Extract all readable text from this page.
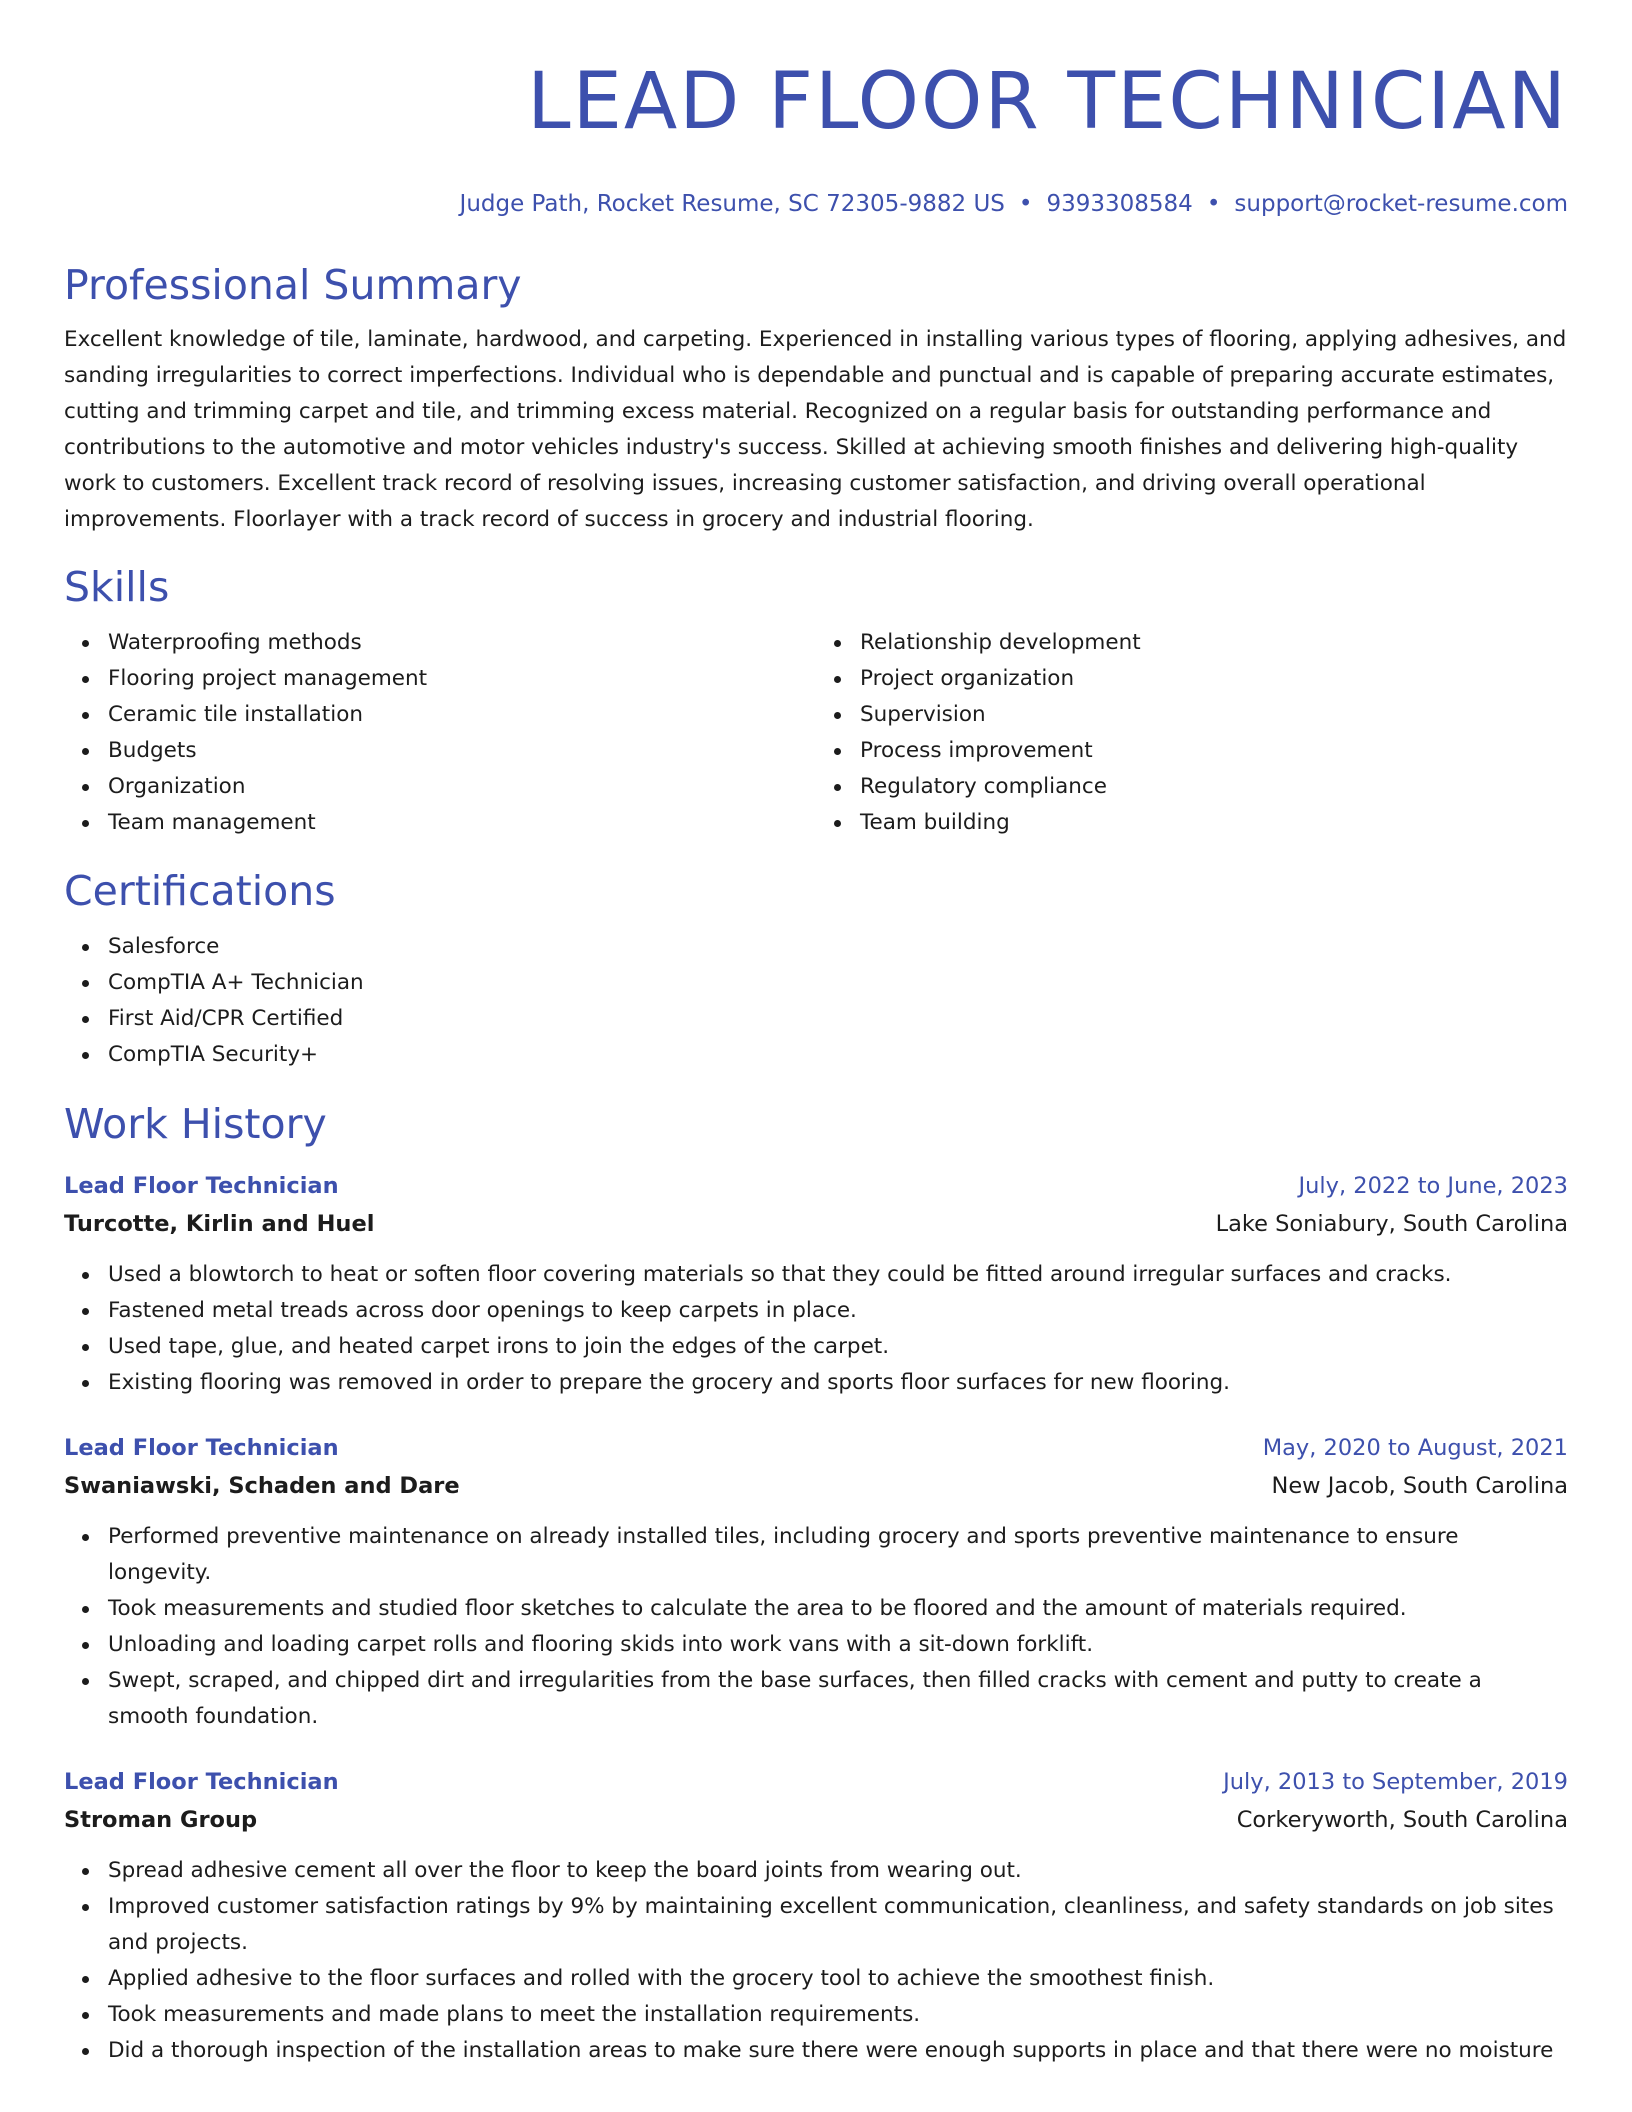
LEAD FLOOR TECHNICIAN
Judge Path, Rocket Resume, SC 72305-9882 US • 9393308584 • support@rocket-resume.com
Professional Summary

Excellent knowledge of tile, laminate, hardwood, and carpeting. Experienced in installing various types of flooring, applying adhesives, and sanding irregularities to correct imperfections. Individual who is dependable and punctual and is capable of preparing accurate estimates, cutting and trimming carpet and tile, and trimming excess material. Recognized on a regular basis for outstanding performance and contributions to the automotive and motor vehicles industry's success. Skilled at achieving smooth finishes and delivering high-quality work to customers. Excellent track record of resolving issues, increasing customer satisfaction, and driving overall operational improvements. Floorlayer with a track record of success in grocery and industrial flooring.

Skills
Waterproofing methods
Flooring project management
Ceramic tile installation
Budgets
Organization
Team management
Relationship development
Project organization
Supervision
Process improvement
Regulatory compliance
Team building
Certifications
Salesforce
CompTIA A+ Technician
First Aid/CPR Certified
CompTIA Security+
Work History
Lead Floor Technician	July, 2022 to June, 2023
Turcotte, Kirlin and Huel	Lake Soniabury, South Carolina
Used a blowtorch to heat or soften floor covering materials so that they could be fitted around irregular surfaces and cracks.
Fastened metal treads across door openings to keep carpets in place.
Used tape, glue, and heated carpet irons to join the edges of the carpet.
Existing flooring was removed in order to prepare the grocery and sports floor surfaces for new flooring.
Lead Floor Technician	May, 2020 to August, 2021
Swaniawski, Schaden and Dare	New Jacob, South Carolina
Performed preventive maintenance on already installed tiles, including grocery and sports preventive maintenance to ensure longevity.
Took measurements and studied floor sketches to calculate the area to be floored and the amount of materials required.
Unloading and loading carpet rolls and flooring skids into work vans with a sit-down forklift.
Swept, scraped, and chipped dirt and irregularities from the base surfaces, then filled cracks with cement and putty to create a smooth foundation.
Lead Floor Technician	July, 2013 to September, 2019
Stroman Group	Corkeryworth, South Carolina
Spread adhesive cement all over the floor to keep the board joints from wearing out.
Improved customer satisfaction ratings by 9% by maintaining excellent communication, cleanliness, and safety standards on job sites and projects.
Applied adhesive to the floor surfaces and rolled with the grocery tool to achieve the smoothest finish.
Took measurements and made plans to meet the installation requirements.
Did a thorough inspection of the installation areas to make sure there were enough supports in place and that there were no moisture
